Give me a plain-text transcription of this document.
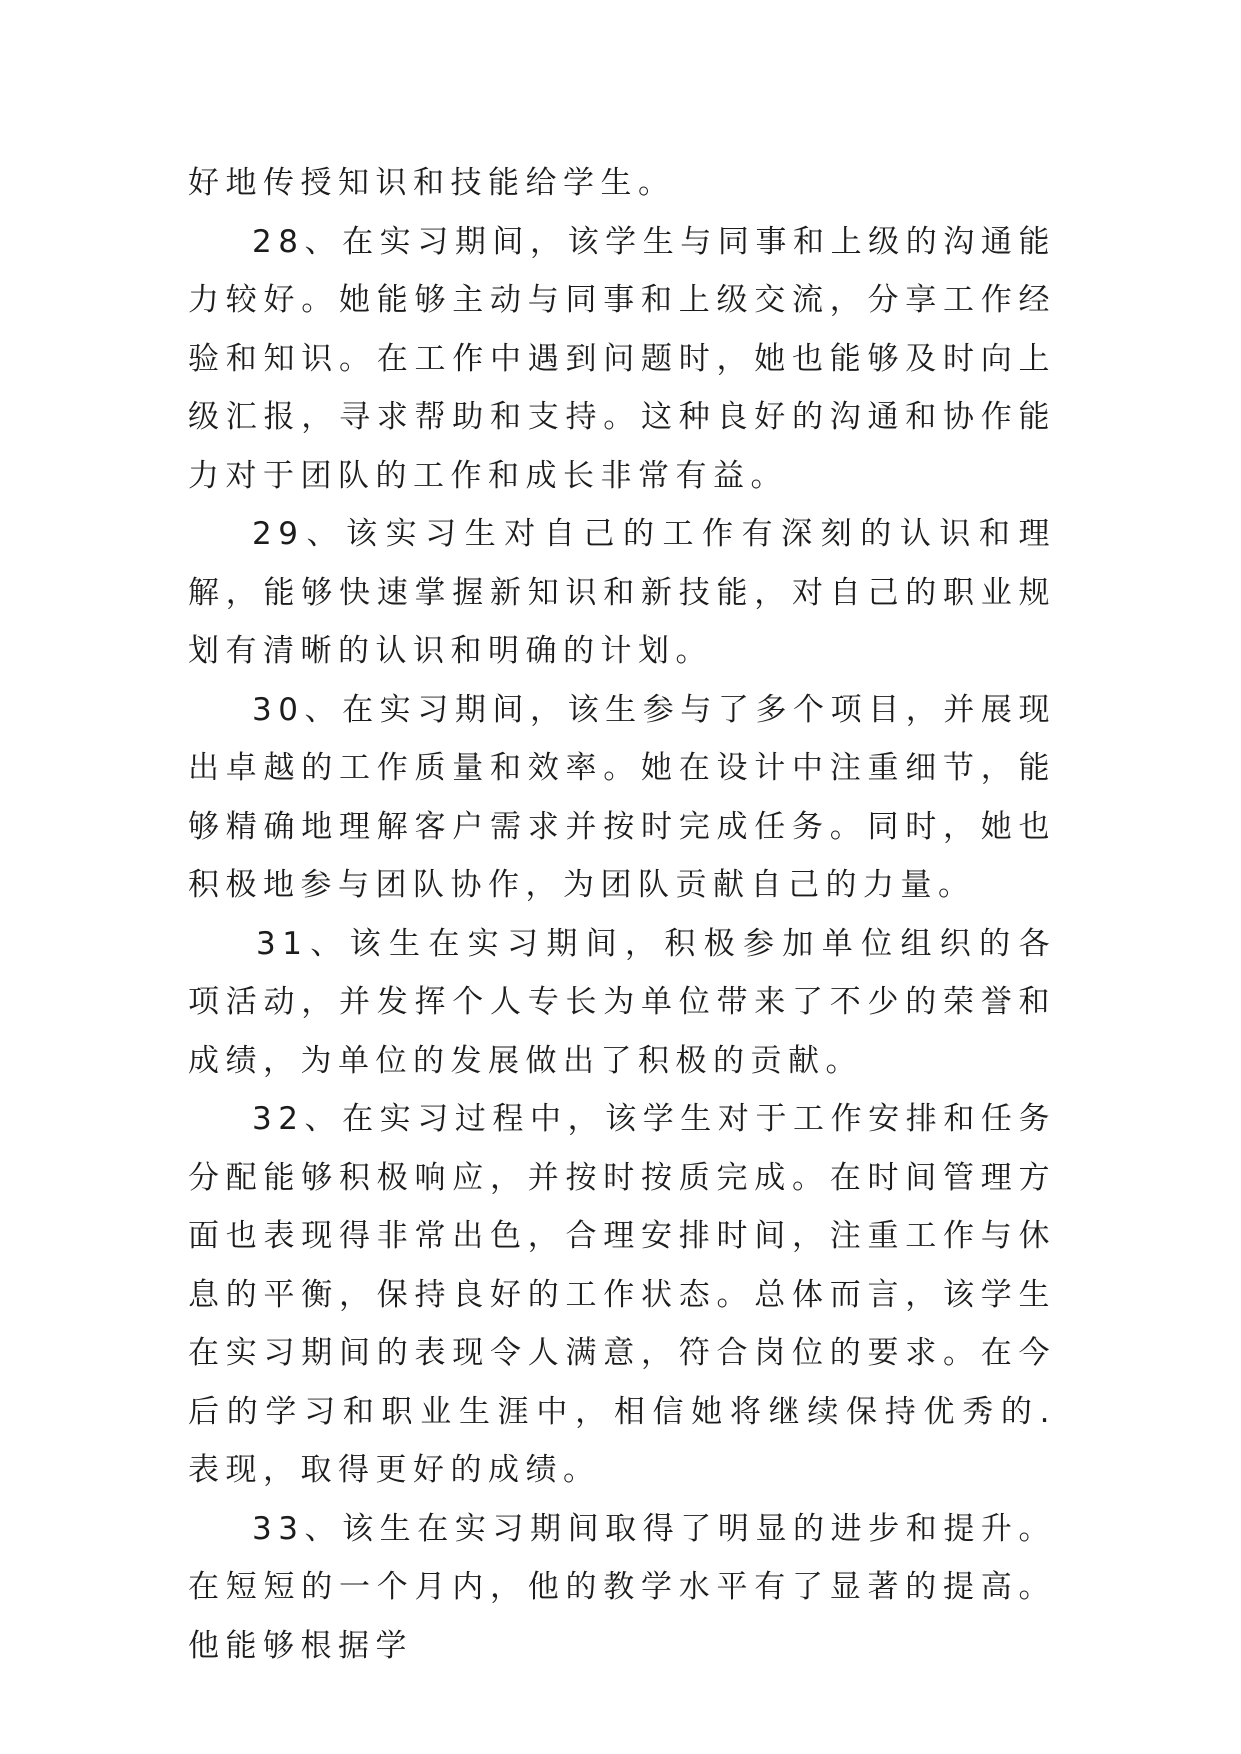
好地传授知识和技能给学生。

28、在实习期间，该学生与同事和上级的沟通能力较好。她能够主动与同事和上级交流，分享工作经验和知识。在工作中遇到问题时，她也能够及时向上级汇报，寻求帮助和支持。这种良好的沟通和协作能力对于团队的工作和成长非常有益。

29、该实习生对自己的工作有深刻的认识和理解，能够快速掌握新知识和新技能，对自己的职业规划有清晰的认识和明确的计划。

30、在实习期间，该生参与了多个项目，并展现出卓越的工作质量和效率。她在设计中注重细节，能够精确地理解客户需求并按时完成任务。同时，她也积极地参与团队协作，为团队贡献自己的力量。

31、该生在实习期间，积极参加单位组织的各项活动，并发挥个人专长为单位带来了不少的荣誉和成绩，为单位的发展做出了积极的贡献。

32、在实习过程中，该学生对于工作安排和任务分配能够积极响应，并按时按质完成。在时间管理方面也表现得非常出色，合理安排时间，注重工作与休息的平衡，保持良好的工作状态。总体而言，该学生在实习期间的表现令人满意，符合岗位的要求。在今后的学习和职业生涯中，相信她将继续保持优秀的.表现，取得更好的成绩。

33、该生在实习期间取得了明显的进步和提升。在短短的一个月内，他的教学水平有了显著的提高。他能够根据学
